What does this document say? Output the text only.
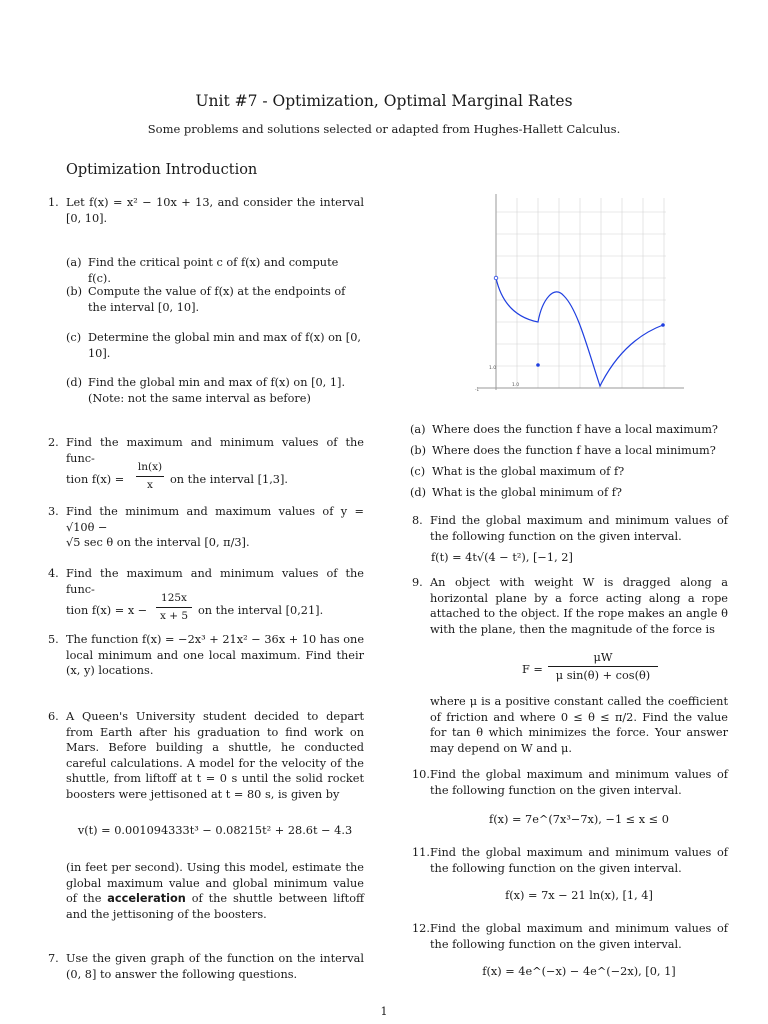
Unit #7 - Optimization, Optimal Marginal Rates
Some problems and solutions selected or adapted from Hughes-Hallett Calculus.
Optimization Introduction
1. Let f(x) = x² − 10x + 13, and consider the interval [0, 10].
(a) Find the critical point c of f(x) and compute f(c).
(b) Compute the value of f(x) at the endpoints of the interval [0, 10].
(c) Determine the global min and max of f(x) on [0, 10].
(d) Find the global min and max of f(x) on [0, 1]. (Note: not the same interval as before)
2. Find the maximum and minimum values of the func-
tion f(x) =
ln(x)
x	on the interval [1,3].
3. Find the minimum and maximum values of y = √10θ −
√5 sec θ on the interval [0, π/3].
4. Find the maximum and minimum values of the func-
tion f(x) = x −
125x
x + 5 on the interval [0,21].
5. The function f(x) = −2x³ + 21x² − 36x + 10 has one local minimum and one local maximum. Find their (x, y) locations.
6. A Queen's University student decided to depart from Earth after his graduation to find work on Mars. Before building a shuttle, he conducted careful calculations. A model for the velocity of the shuttle, from liftoff at t = 0 s until the solid rocket boosters were jettisoned at t = 80 s, is given by
v(t) = 0.001094333t³ − 0.08215t² + 28.6t − 4.3
(in feet per second). Using this model, estimate the global maximum value and global minimum value of the acceleration of the shuttle between liftoff and the jettisoning of the boosters.
7. Use the given graph of the function on the interval (0, 8] to answer the following questions.
1.0
1.0
-1
(a) Where does the function f have a local maximum?
(b) Where does the function f have a local minimum?
(c) What is the global maximum of f?
(d) What is the global minimum of f?
8. Find the global maximum and minimum values of the following function on the given interval.
f(t) = 4t√(4 − t²), [−1, 2]
9. An object with weight W is dragged along a horizontal plane by a force acting along a rope attached to the object. If the rope makes an angle θ with the plane, then the magnitude of the force is
F =
μW
μ sin(θ) + cos(θ)
where μ is a positive constant called the coefficient of friction and where 0 ≤ θ ≤ π/2. Find the value for tan θ which minimizes the force. Your answer may depend on W and μ.
10. Find the global maximum and minimum values of the following function on the given interval.
f(x) = 7e^(7x³−7x), −1 ≤ x ≤ 0
11. Find the global maximum and minimum values of the following function on the given interval.
f(x) = 7x − 21 ln(x), [1, 4]
12. Find the global maximum and minimum values of the following function on the given interval.
f(x) = 4e^(−x) − 4e^(−2x), [0, 1]
1
